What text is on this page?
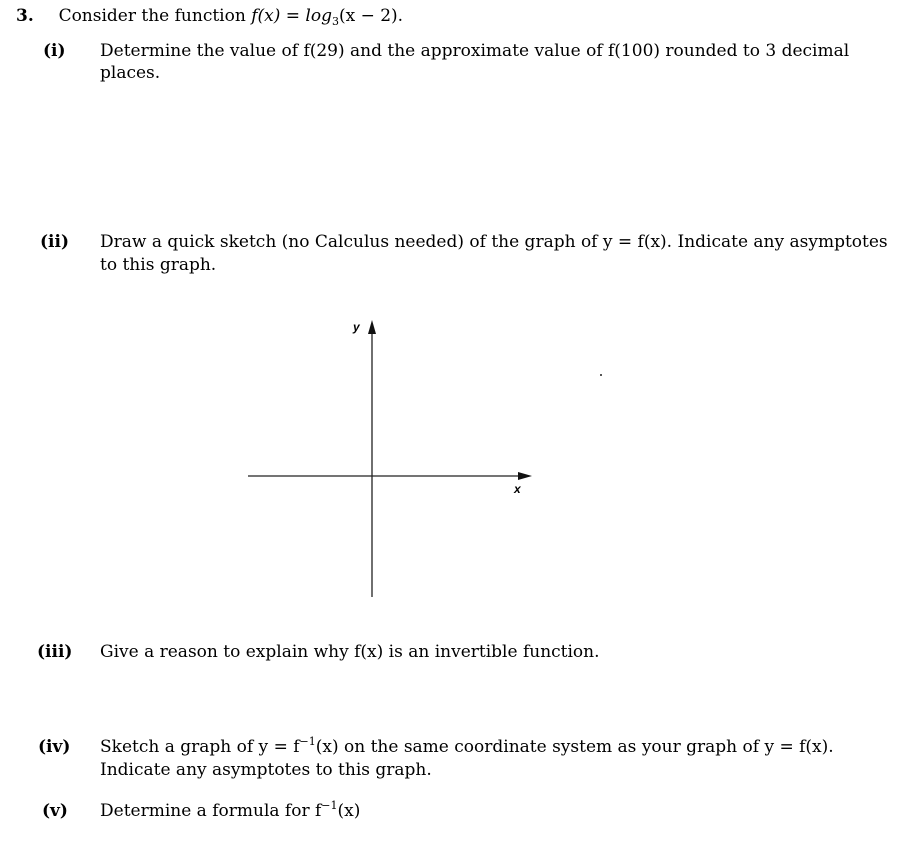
3. Consider the function $f(x) = \log_3(x - 2)$.
(i) Determine the value of f(29) and the approximate value of f(100) rounded to 3 decimal places.
(ii) Draw a quick sketch (no Calculus needed) of the graph of y = f(x). Indicate any asymptotes
to this graph.
y
x
(iii) Give a reason to explain why f(x) is an invertible function.
(iv) Sketch a graph of $y = f^{-1}(x)$ on the same coordinate system as your graph of y = f(x).
Indicate any asymptotes to this graph.
(v) Determine a formula for $f^{-1}(x)$
